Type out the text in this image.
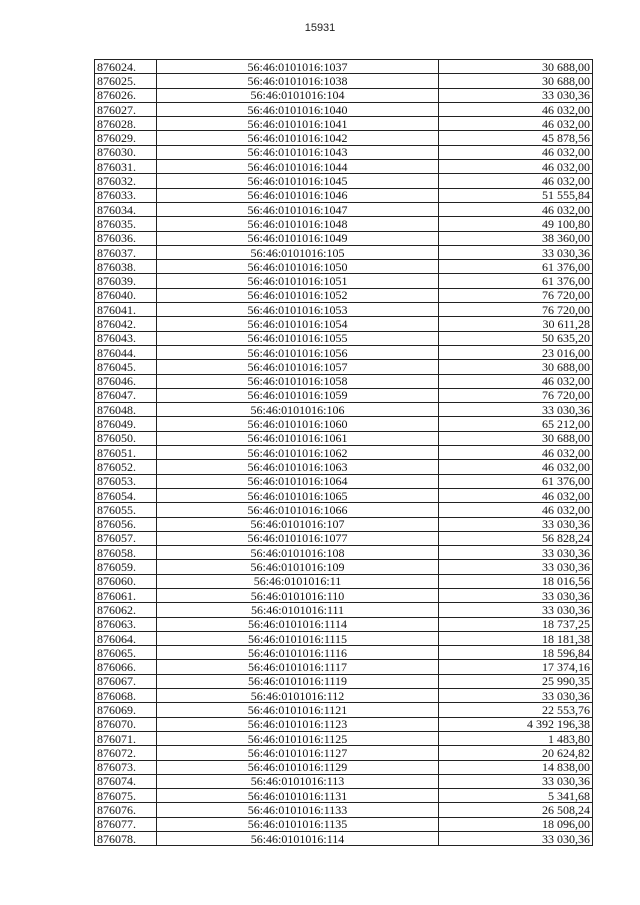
15931
876024.	56:46:0101016:1037	30 688,00
876025.	56:46:0101016:1038	30 688,00
876026.	56:46:0101016:104	33 030,36
876027.	56:46:0101016:1040	46 032,00
876028.	56:46:0101016:1041	46 032,00
876029.	56:46:0101016:1042	45 878,56
876030.	56:46:0101016:1043	46 032,00
876031.	56:46:0101016:1044	46 032,00
876032.	56:46:0101016:1045	46 032,00
876033.	56:46:0101016:1046	51 555,84
876034.	56:46:0101016:1047	46 032,00
876035.	56:46:0101016:1048	49 100,80
876036.	56:46:0101016:1049	38 360,00
876037.	56:46:0101016:105	33 030,36
876038.	56:46:0101016:1050	61 376,00
876039.	56:46:0101016:1051	61 376,00
876040.	56:46:0101016:1052	76 720,00
876041.	56:46:0101016:1053	76 720,00
876042.	56:46:0101016:1054	30 611,28
876043.	56:46:0101016:1055	50 635,20
876044.	56:46:0101016:1056	23 016,00
876045.	56:46:0101016:1057	30 688,00
876046.	56:46:0101016:1058	46 032,00
876047.	56:46:0101016:1059	76 720,00
876048.	56:46:0101016:106	33 030,36
876049.	56:46:0101016:1060	65 212,00
876050.	56:46:0101016:1061	30 688,00
876051.	56:46:0101016:1062	46 032,00
876052.	56:46:0101016:1063	46 032,00
876053.	56:46:0101016:1064	61 376,00
876054.	56:46:0101016:1065	46 032,00
876055.	56:46:0101016:1066	46 032,00
876056.	56:46:0101016:107	33 030,36
876057.	56:46:0101016:1077	56 828,24
876058.	56:46:0101016:108	33 030,36
876059.	56:46:0101016:109	33 030,36
876060.	56:46:0101016:11	18 016,56
876061.	56:46:0101016:110	33 030,36
876062.	56:46:0101016:111	33 030,36
876063.	56:46:0101016:1114	18 737,25
876064.	56:46:0101016:1115	18 181,38
876065.	56:46:0101016:1116	18 596,84
876066.	56:46:0101016:1117	17 374,16
876067.	56:46:0101016:1119	25 990,35
876068.	56:46:0101016:112	33 030,36
876069.	56:46:0101016:1121	22 553,76
876070.	56:46:0101016:1123	4 392 196,38
876071.	56:46:0101016:1125	1 483,80
876072.	56:46:0101016:1127	20 624,82
876073.	56:46:0101016:1129	14 838,00
876074.	56:46:0101016:113	33 030,36
876075.	56:46:0101016:1131	5 341,68
876076.	56:46:0101016:1133	26 508,24
876077.	56:46:0101016:1135	18 096,00
876078.	56:46:0101016:114	33 030,36
